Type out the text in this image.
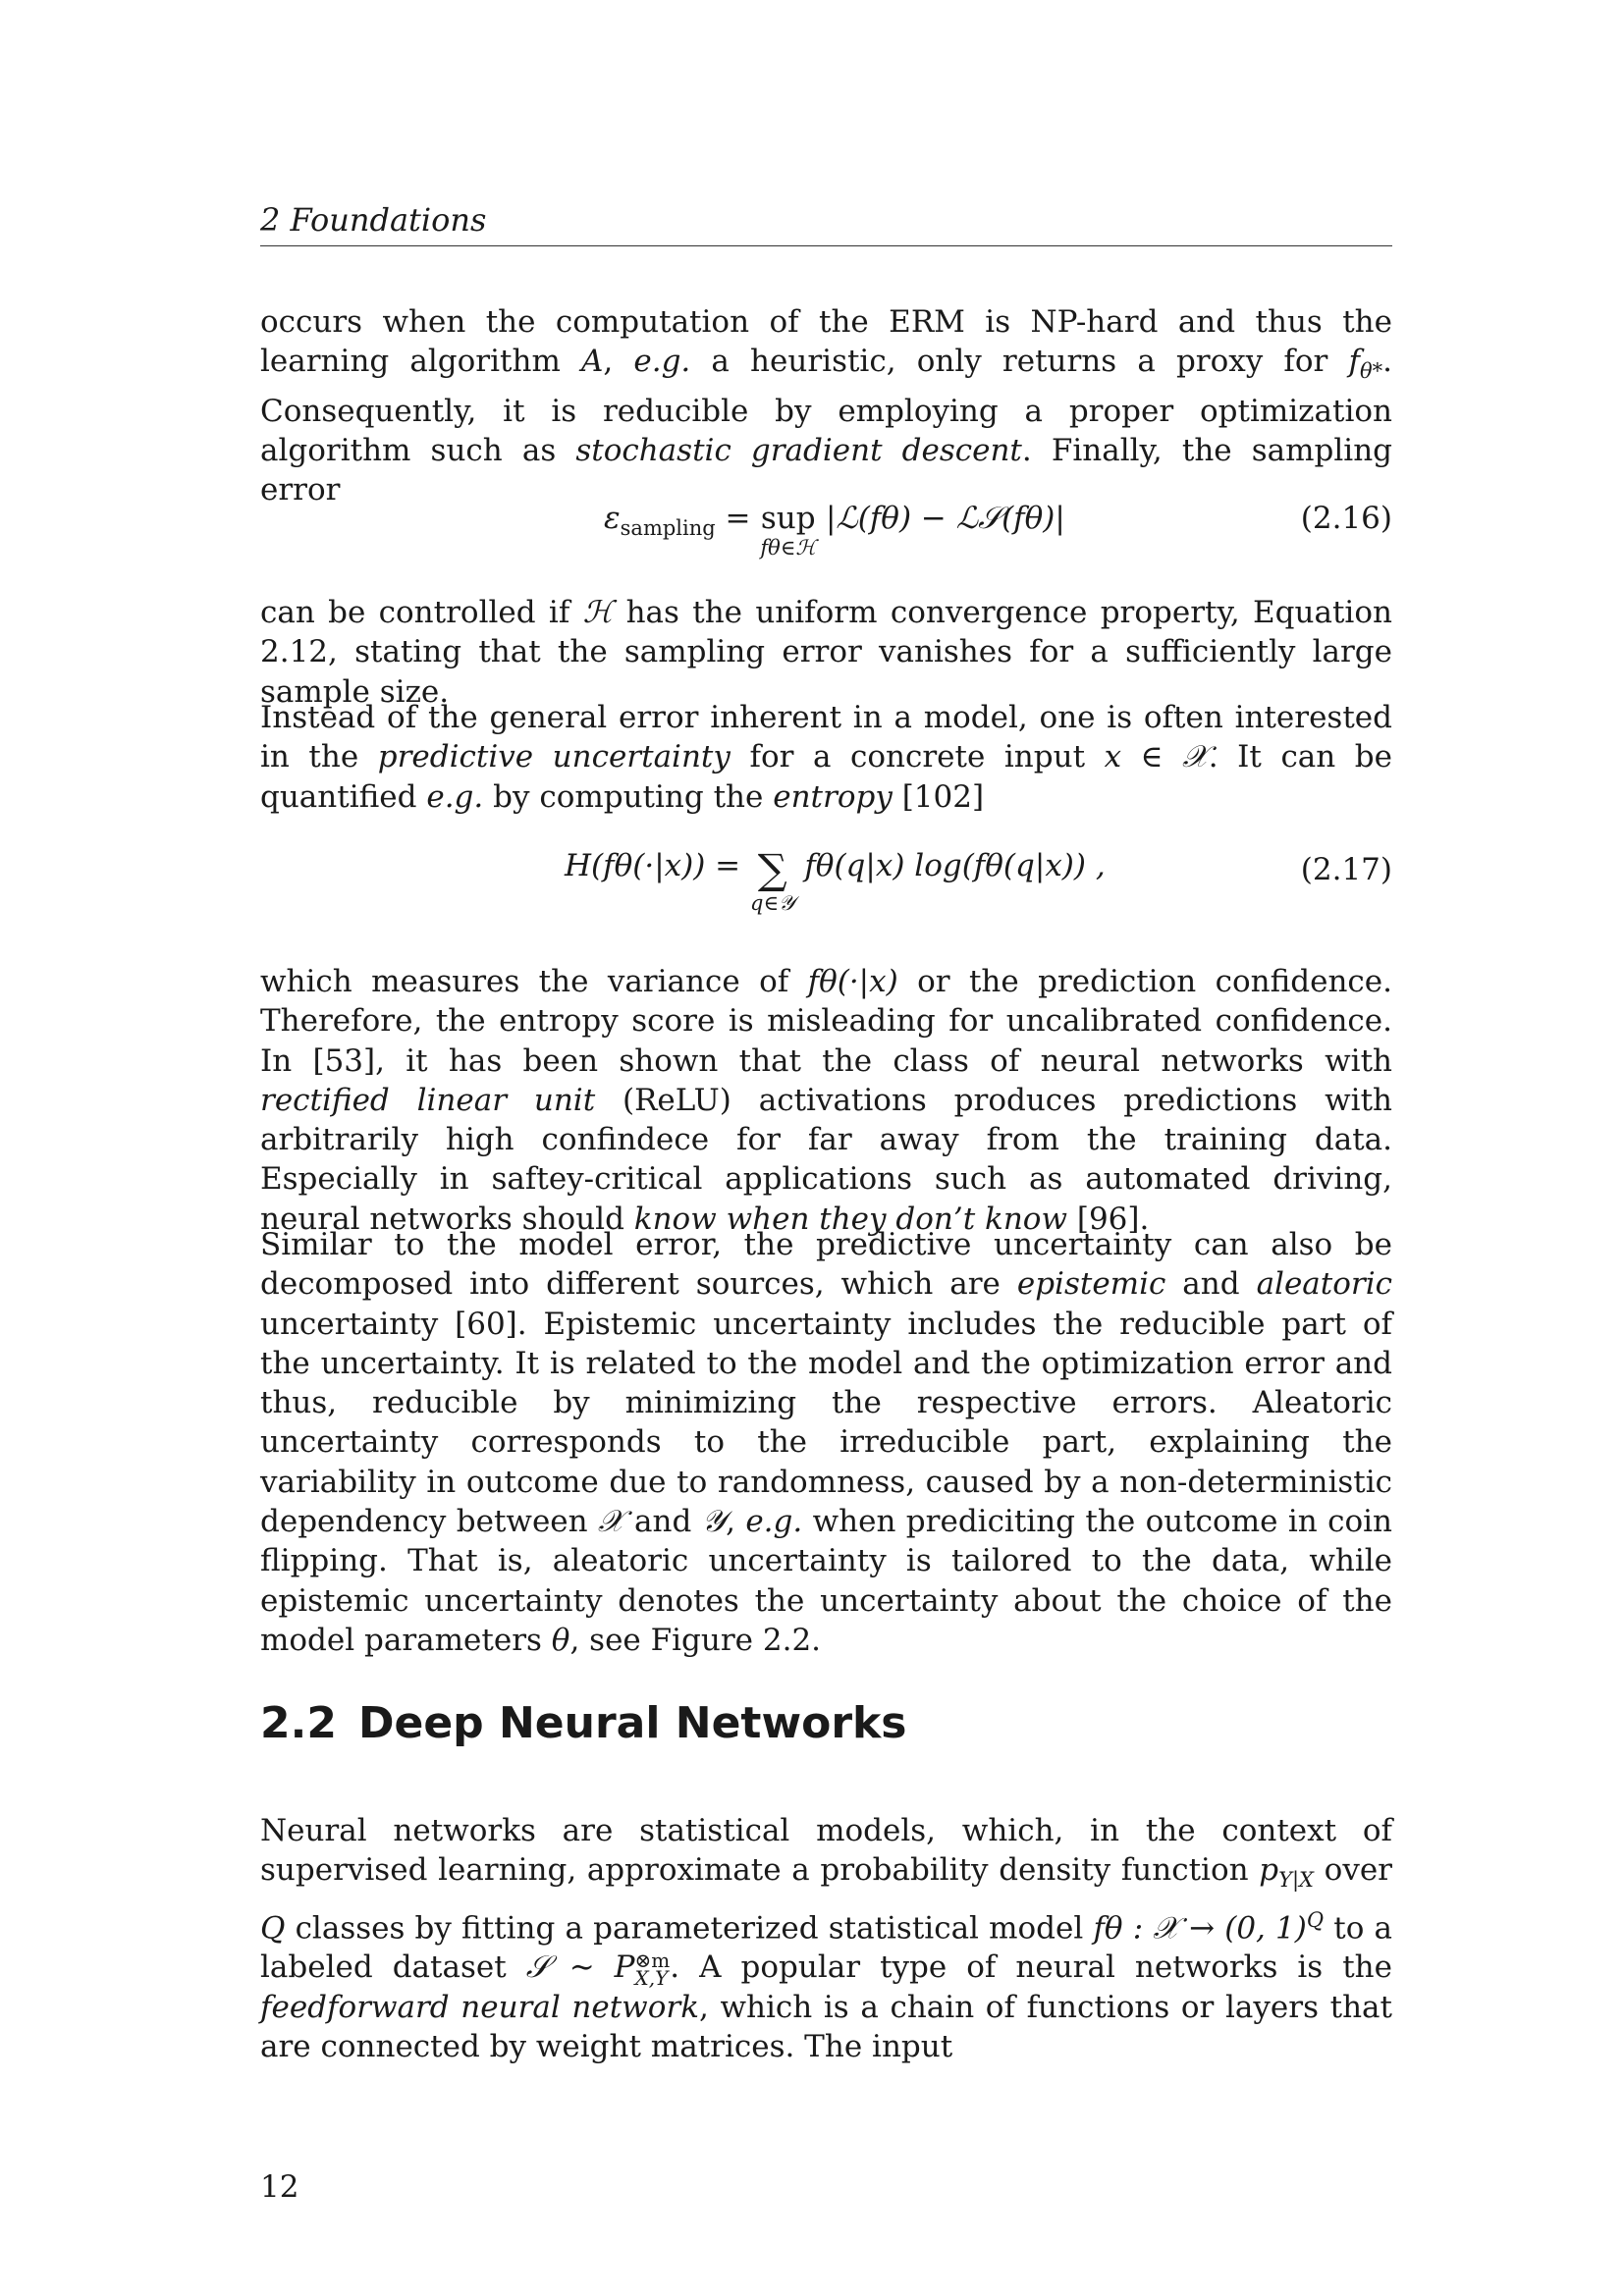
2 Foundations

occurs when the computation of the ERM is NP-hard and thus the learning algorithm A, e.g. a heuristic, only returns a proxy for $f_{\theta*}$. Consequently, it is reducible by employing a proper optimization algorithm such as stochastic gradient descent. Finally, the sampling error

$\varepsilon_{sampling}$ = sup
fθ∈ℋ
|ℒ(fθ) − ℒ𝒮(fθ)|	(2.16)

can be controlled if ℋ has the uniform convergence property, Equation 2.12, stating that the sampling error vanishes for a sufficiently large sample size.

Instead of the general error inherent in a model, one is often interested in the predictive uncertainty for a concrete input x ∈ 𝒳. It can be quantified e.g. by computing the entropy [102]

H(fθ(·|x)) = ∑
q∈𝒴
fθ(q|x) log(fθ(q|x)) ,	(2.17)

which measures the variance of fθ(·|x) or the prediction confidence. Therefore, the entropy score is misleading for uncalibrated confidence. In [53], it has been shown that the class of neural networks with rectified linear unit (ReLU) activations produces predictions with arbitrarily high confindece for far away from the training data. Especially in saftey-critical applications such as automated driving, neural networks should know when they don’t know [96].

Similar to the model error, the predictive uncertainty can also be decomposed into different sources, which are epistemic and aleatoric uncertainty [60]. Epistemic uncertainty includes the reducible part of the uncertainty. It is related to the model and the optimization error and thus, reducible by minimizing the respective errors. Aleatoric uncertainty corresponds to the irreducible part, explaining the variability in outcome due to randomness, caused by a non-deterministic dependency between 𝒳 and 𝒴, e.g. when prediciting the outcome in coin flipping. That is, aleatoric uncertainty is tailored to the data, while epistemic uncertainty denotes the uncertainty about the choice of the model parameters θ, see Figure 2.2.

2.2 Deep Neural Networks

Neural networks are statistical models, which, in the context of supervised learning, approximate a probability density function $p_{Y|X}$ over Q classes by fitting a parameterized statistical model fθ : 𝒳 → (0, 1)$^Q$ to a labeled dataset 𝒮 ∼ P ⊗m
X,Y . A popular type of neural networks is the feedforward neural network, which is a chain of functions or layers that are connected by weight matrices. The input

12
